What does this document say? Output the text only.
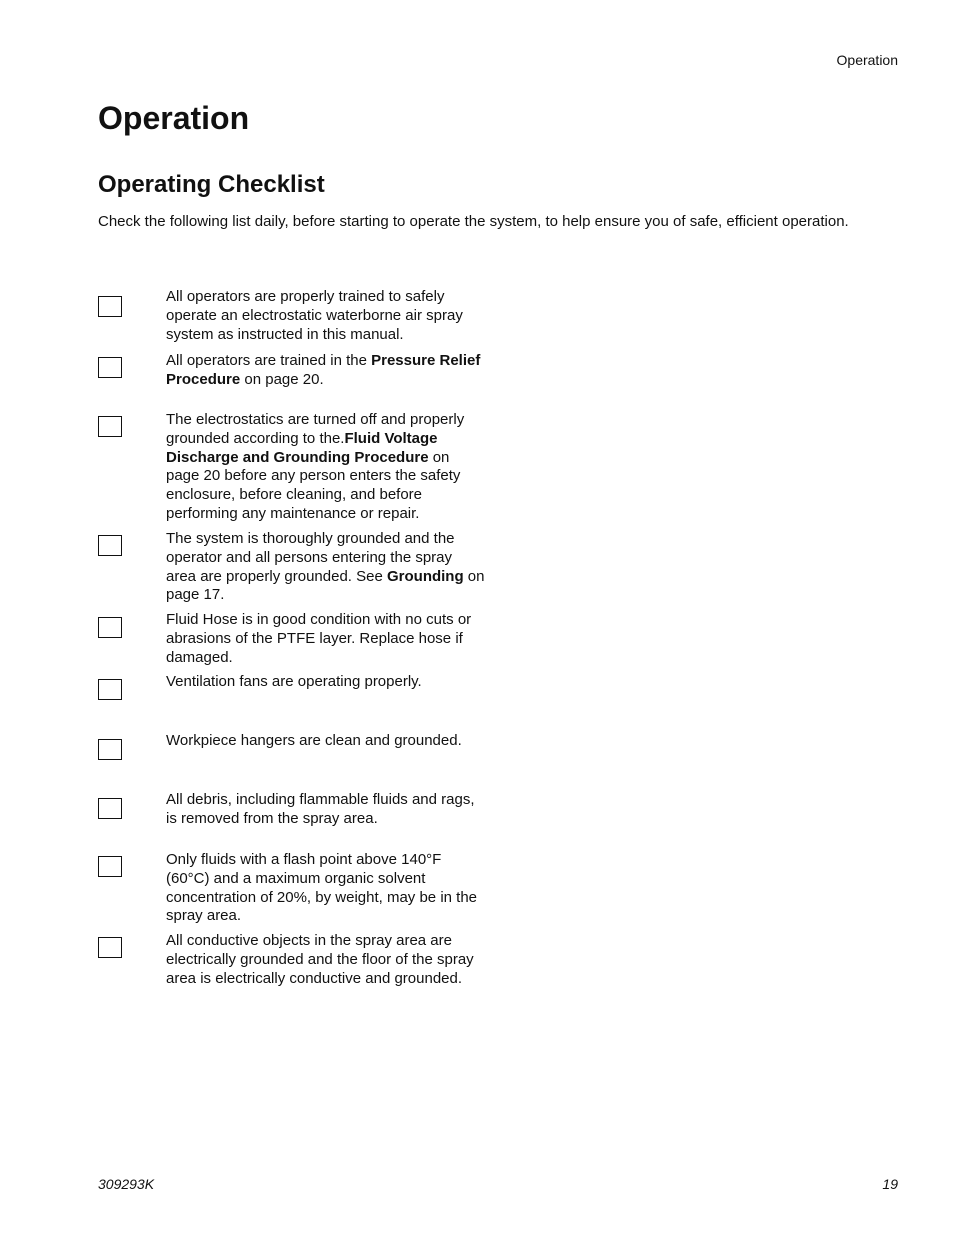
Operation
Operation
Operating Checklist

Check the following list daily, before starting to operate the system, to help ensure you of safe, efficient operation.

All operators are properly trained to safely operate an electrostatic waterborne air spray system as instructed in this manual.
All operators are trained in the Pressure Relief Procedure on page 20.
The electrostatics are turned off and properly grounded according to the.Fluid Voltage Discharge and Grounding Procedure on page 20 before any person enters the safety enclosure, before cleaning, and before performing any maintenance or repair.
The system is thoroughly grounded and the operator and all persons entering the spray area are properly grounded. See Grounding on page 17.
Fluid Hose is in good condition with no cuts or abrasions of the PTFE layer. Replace hose if damaged.
Ventilation fans are operating properly.
Workpiece hangers are clean and grounded.
All debris, including flammable fluids and rags, is removed from the spray area.
Only fluids with a flash point above 140°F (60°C) and a maximum organic solvent concentration of 20%, by weight, may be in the spray area.
All conductive objects in the spray area are electrically grounded and the floor of the spray area is electrically conductive and grounded.
309293K	19
